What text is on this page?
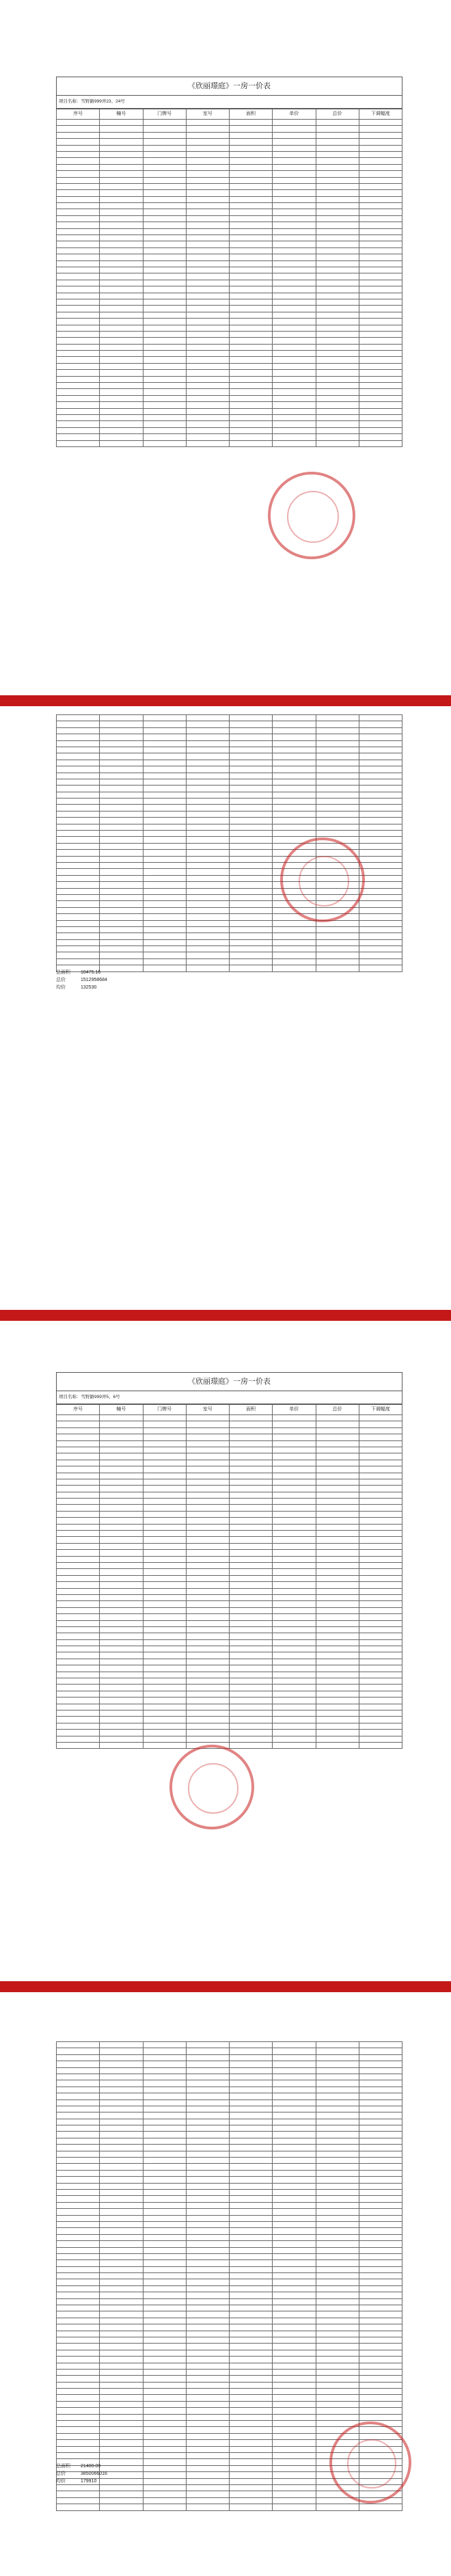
《欣丽璟庭》一房一价表
项目名称：雪野路999弄23、24号
序号	幢号	门牌号	室号	面积	单价	总价	下调幅度

总面积	10475.16
总价	1512958684
均价	132530
《欣丽璟庭》一房一价表
项目名称：雪野路999弄5、6号
序号	幢号	门牌号	室号	面积	单价	总价	下调幅度

总面积	21400.09
总价	3850066016
均价	179910
搜狐号@中国商业地产
